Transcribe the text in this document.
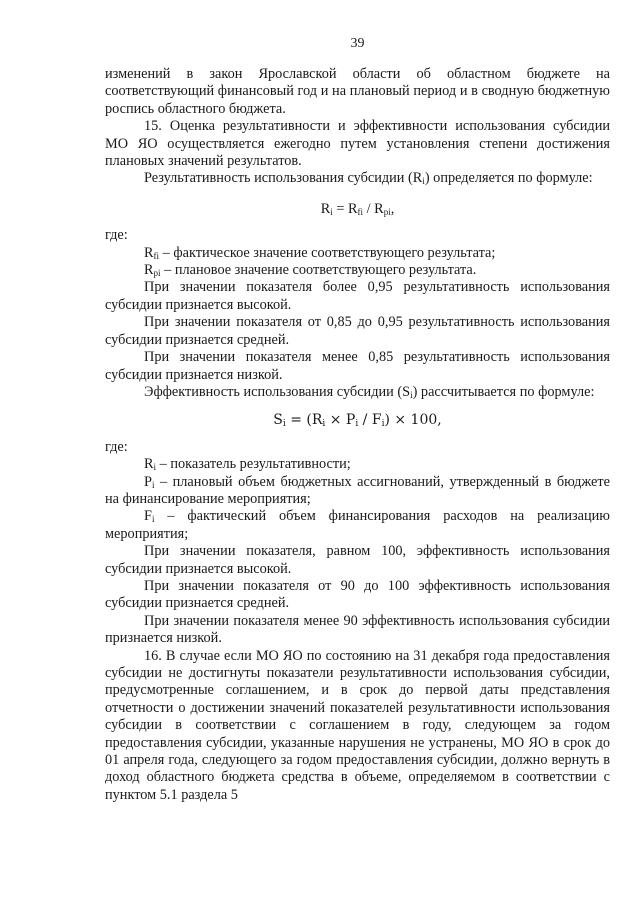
39

изменений в закон Ярославской области об областном бюджете на соответствующий финансовый год и на плановый период и в сводную бюджетную роспись областного бюджета.

15. Оценка результативности и эффективности использования субсидии МО ЯО осуществляется ежегодно путем установления степени достижения плановых значений результатов.

Результативность использования субсидии $(R_i)$ определяется по формуле:

$R_i = R_{fi} / R_{pi}$,

где:

$R_{fi}$ – фактическое значение соответствующего результата;

$R_{pi}$ – плановое значение соответствующего результата.

При значении показателя более 0,95 результативность использования субсидии признается высокой.

При значении показателя от 0,85 до 0,95 результативность использования субсидии признается средней.

При значении показателя менее 0,85 результативность использования субсидии признается низкой.

Эффективность использования субсидии $(S_i)$ рассчитывается по формуле:

$S_i = (R_i \times P_i / F_i) \times 100$,

где:

$R_i$ – показатель результативности;

$P_i$ – плановый объем бюджетных ассигнований, утвержденный в бюджете на финансирование мероприятия;

$F_i$ – фактический объем финансирования расходов на реализацию мероприятия;

При значении показателя, равном 100, эффективность использования субсидии признается высокой.

При значении показателя от 90 до 100 эффективность использования субсидии признается средней.

При значении показателя менее 90 эффективность использования субсидии признается низкой.

16. В случае если МО ЯО по состоянию на 31 декабря года предоставления субсидии не достигнуты показатели результативности использования субсидии, предусмотренные соглашением, и в срок до первой даты представления отчетности о достижении значений показателей результативности использования субсидии в соответствии с соглашением в году, следующем за годом предоставления субсидии, указанные нарушения не устранены, МО ЯО в срок до 01 апреля года, следующего за годом предоставления субсидии, должно вернуть в доход областного бюджета средства в объеме, определяемом в соответствии с пунктом 5.1 раздела 5
